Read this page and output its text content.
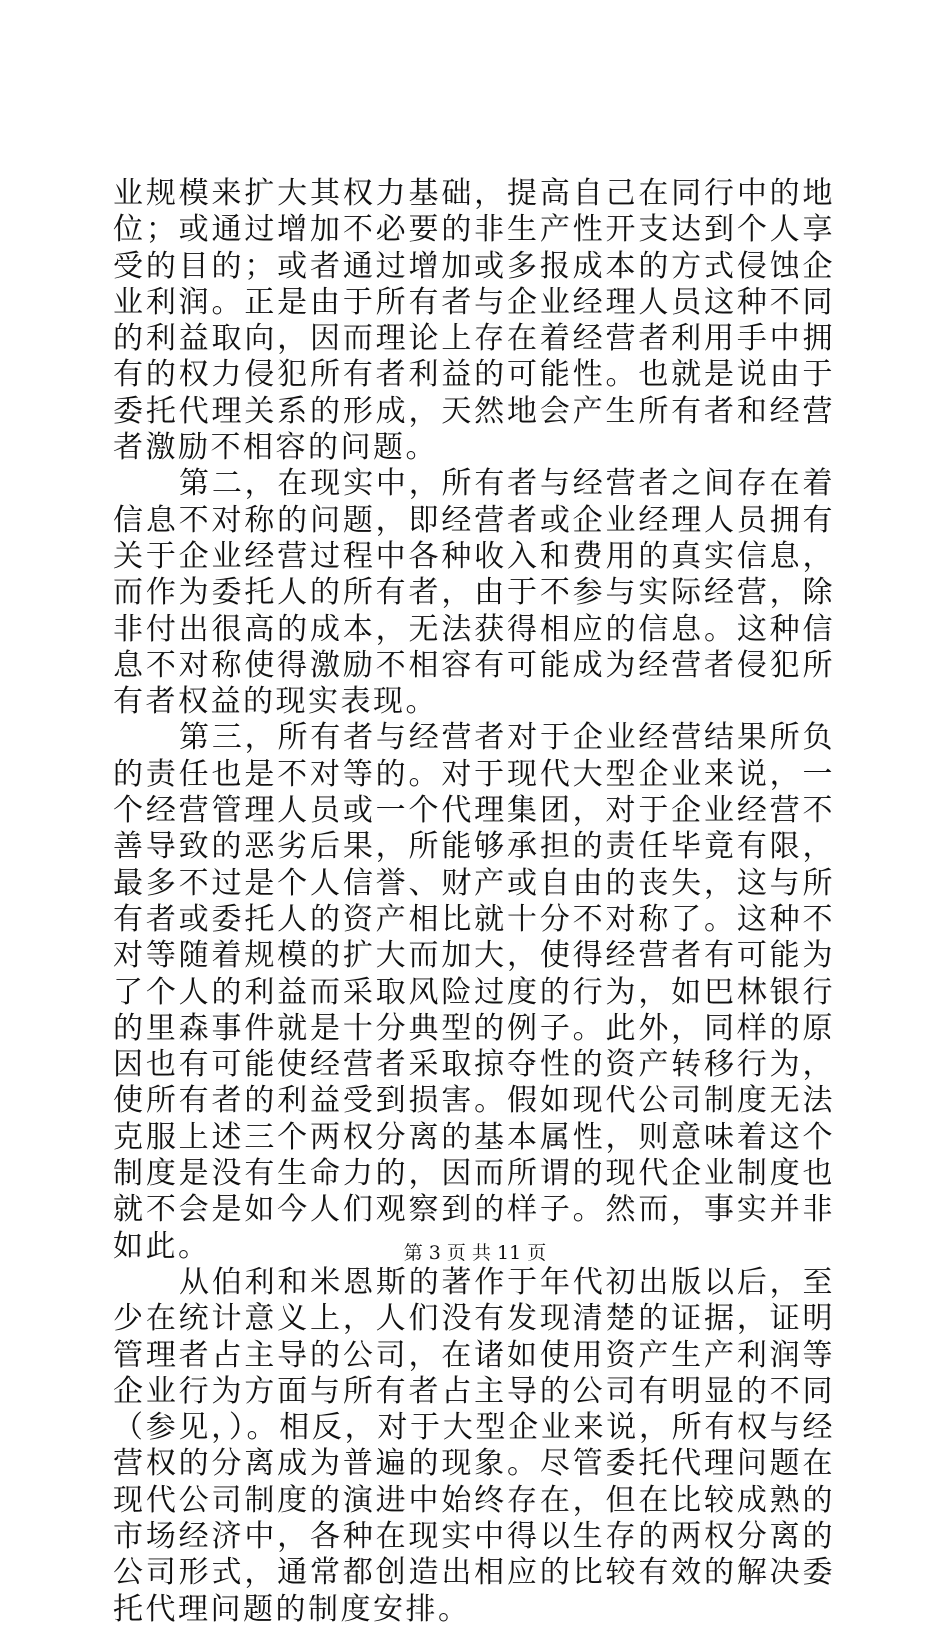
业规模来扩大其权力基础，提高自己在同行中的地位；或通过增加不必要的非生产性开支达到个人享受的目的；或者通过增加或多报成本的方式侵蚀企业利润。正是由于所有者与企业经理人员这种不同的利益取向，因而理论上存在着经营者利用手中拥有的权力侵犯所有者利益的可能性。也就是说由于委托代理关系的形成，天然地会产生所有者和经营者激励不相容的问题。

第二，在现实中，所有者与经营者之间存在着信息不对称的问题，即经营者或企业经理人员拥有关于企业经营过程中各种收入和费用的真实信息，而作为委托人的所有者，由于不参与实际经营，除非付出很高的成本，无法获得相应的信息。这种信息不对称使得激励不相容有可能成为经营者侵犯所有者权益的现实表现。

第三，所有者与经营者对于企业经营结果所负的责任也是不对等的。对于现代大型企业来说，一个经营管理人员或一个代理集团，对于企业经营不善导致的恶劣后果，所能够承担的责任毕竟有限，最多不过是个人信誉、财产或自由的丧失，这与所有者或委托人的资产相比就十分不对称了。这种不对等随着规模的扩大而加大，使得经营者有可能为了个人的利益而采取风险过度的行为，如巴林银行的里森事件就是十分典型的例子。此外，同样的原因也有可能使经营者采取掠夺性的资产转移行为，使所有者的利益受到损害。假如现代公司制度无法克服上述三个两权分离的基本属性，则意味着这个制度是没有生命力的，因而所谓的现代企业制度也就不会是如今人们观察到的样子。然而，事实并非如此。

从伯利和米恩斯的著作于年代初出版以后，至少在统计意义上，人们没有发现清楚的证据，证明管理者占主导的公司，在诸如使用资产生产利润等企业行为方面与所有者占主导的公司有明显的不同（参见，）。相反，对于大型企业来说，所有权与经营权的分离成为普遍的现象。尽管委托代理问题在现代公司制度的演进中始终存在，但在比较成熟的市场经济中，各种在现实中得以生存的两权分离的公司形式，通常都创造出相应的比较有效的解决委托代理问题的制度安排。

第 3 页 共 11 页
